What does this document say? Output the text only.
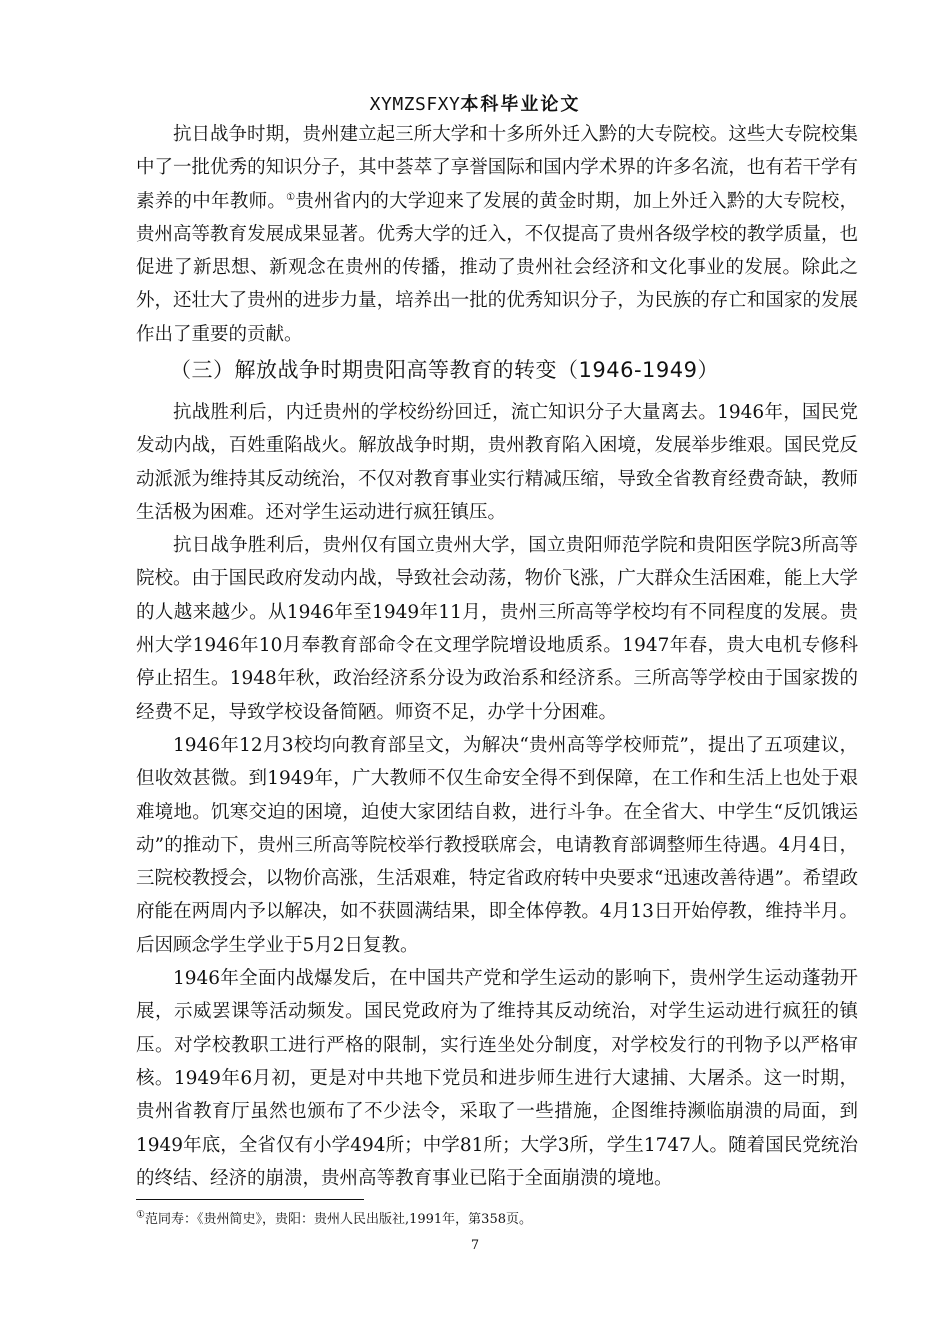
XYMZSFXY本科毕业论文

抗日战争时期，贵州建立起三所大学和十多所外迁入黔的大专院校。这些大专院校集中了一批优秀的知识分子，其中荟萃了享誉国际和国内学术界的许多名流，也有若干学有素养的中年教师。①贵州省内的大学迎来了发展的黄金时期，加上外迁入黔的大专院校，贵州高等教育发展成果显著。优秀大学的迁入，不仅提高了贵州各级学校的教学质量，也促进了新思想、新观念在贵州的传播，推动了贵州社会经济和文化事业的发展。除此之外，还壮大了贵州的进步力量，培养出一批的优秀知识分子，为民族的存亡和国家的发展作出了重要的贡献。

（三）解放战争时期贵阳高等教育的转变（1946-1949）

抗战胜利后，内迁贵州的学校纷纷回迁，流亡知识分子大量离去。1946年，国民党发动内战，百姓重陷战火。解放战争时期，贵州教育陷入困境，发展举步维艰。国民党反动派派为维持其反动统治，不仅对教育事业实行精减压缩，导致全省教育经费奇缺，教师生活极为困难。还对学生运动进行疯狂镇压。

抗日战争胜利后，贵州仅有国立贵州大学，国立贵阳师范学院和贵阳医学院3所高等院校。由于国民政府发动内战，导致社会动荡，物价飞涨，广大群众生活困难，能上大学的人越来越少。从1946年至1949年11月，贵州三所高等学校均有不同程度的发展。贵州大学1946年10月奉教育部命令在文理学院增设地质系。1947年春，贵大电机专修科停止招生。1948年秋，政治经济系分设为政治系和经济系。三所高等学校由于国家拨的经费不足，导致学校设备简陋。师资不足，办学十分困难。

1946年12月3校均向教育部呈文，为解决“贵州高等学校师荒”，提出了五项建议，但收效甚微。到1949年，广大教师不仅生命安全得不到保障，在工作和生活上也处于艰难境地。饥寒交迫的困境，迫使大家团结自救，进行斗争。在全省大、中学生“反饥饿运动”的推动下，贵州三所高等院校举行教授联席会，电请教育部调整师生待遇。4月4日，三院校教授会，以物价高涨，生活艰难，特定省政府转中央要求“迅速改善待遇”。希望政府能在两周内予以解决，如不获圆满结果，即全体停教。4月13日开始停教，维持半月。后因顾念学生学业于5月2日复教。

1946年全面内战爆发后，在中国共产党和学生运动的影响下，贵州学生运动蓬勃开展，示威罢课等活动频发。国民党政府为了维持其反动统治，对学生运动进行疯狂的镇压。对学校教职工进行严格的限制，实行连坐处分制度，对学校发行的刊物予以严格审核。1949年6月初，更是对中共地下党员和进步师生进行大逮捕、大屠杀。这一时期，贵州省教育厅虽然也颁布了不少法令，采取了一些措施，企图维持濒临崩溃的局面，到1949年底，全省仅有小学494所；中学81所；大学3所，学生1747人。随着国民党统治的终结、经济的崩溃，贵州高等教育事业已陷于全面崩溃的境地。

①范同寿：《贵州简史》，贵阳：贵州人民出版社,1991年，第358页。
7
